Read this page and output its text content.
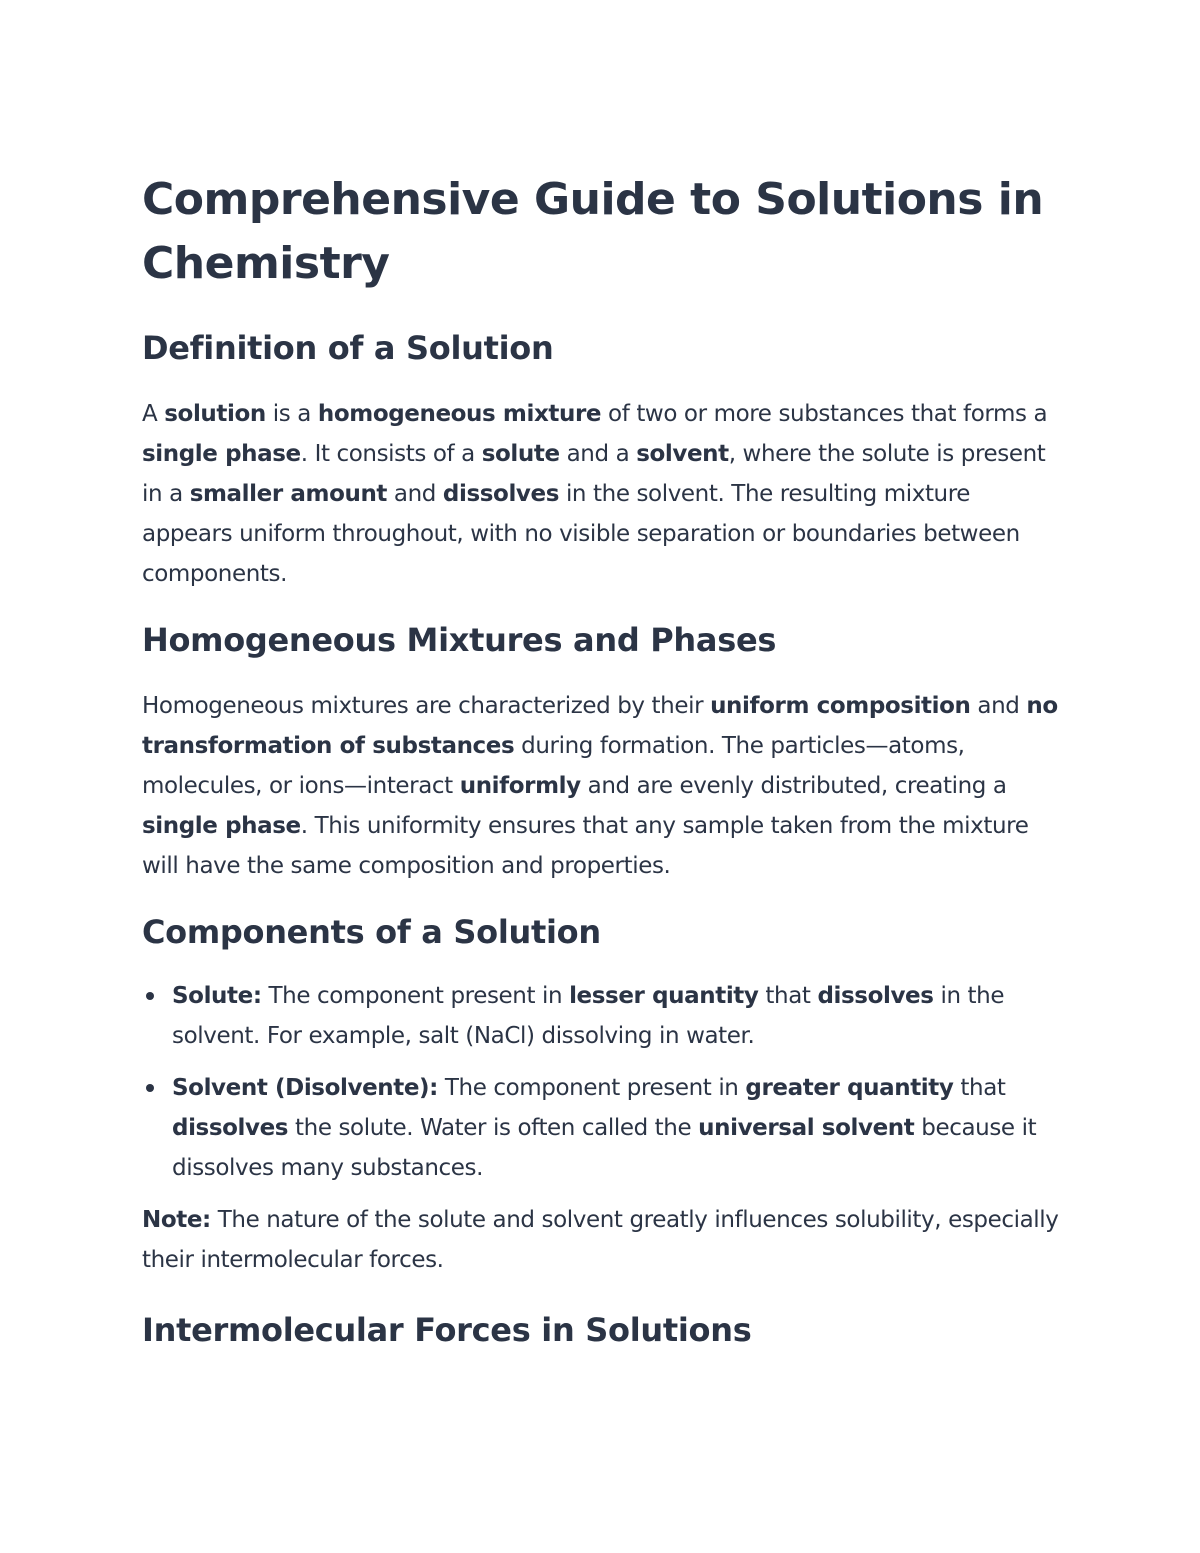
Comprehensive Guide to Solutions in Chemistry
Definition of a Solution

A solution is a homogeneous mixture of two or more substances that forms a single phase. It consists of a solute and a solvent, where the solute is present in a smaller amount and dissolves in the solvent. The resulting mixture appears uniform throughout, with no visible separation or boundaries between components.

Homogeneous Mixtures and Phases

Homogeneous mixtures are characterized by their uniform composition and no transformation of substances during formation. The particles—atoms, molecules, or ions—interact uniformly and are evenly distributed, creating a single phase. This uniformity ensures that any sample taken from the mixture will have the same composition and properties.

Components of a Solution
Solute: The component present in lesser quantity that dissolves in the solvent. For example, salt (NaCl) dissolving in water.
Solvent (Disolvente): The component present in greater quantity that dissolves the solute. Water is often called the universal solvent because it dissolves many substances.

Note: The nature of the solute and solvent greatly influences solubility, especially their intermolecular forces.

Intermolecular Forces in Solutions
